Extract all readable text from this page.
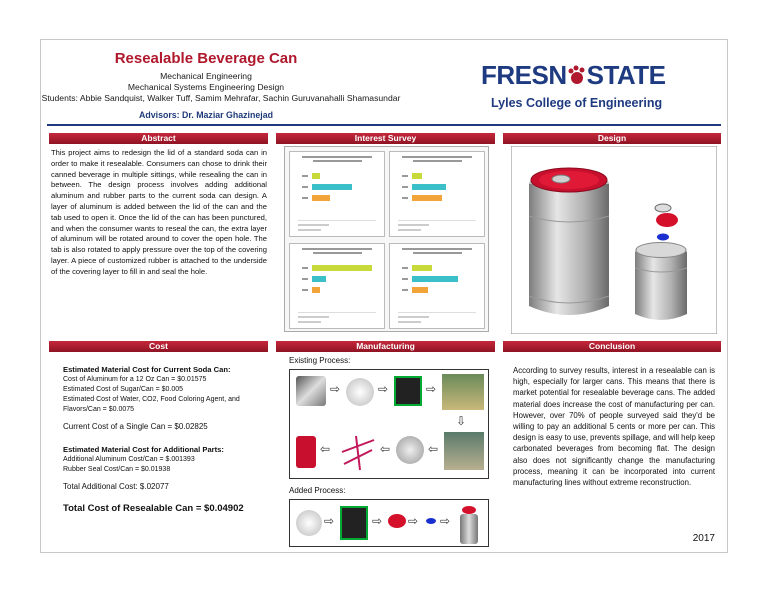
Resealable Beverage Can
Mechanical Engineering
Mechanical Systems Engineering Design
Students: Abbie Sandquist, Walker Tuff, Samim Mehrafar, Sachin Guruvanahalli Shamasundar
Advisors: Dr. Maziar Ghazinejad
FRESN STATE
Lyles College of Engineering
Abstract
This project aims to redesign the lid of a standard soda can in order to make it resealable. Consumers can chose to drink their canned beverage in multiple sittings, while resealing the can in between. The design process involves adding additional aluminum and rubber parts to the current soda can design. A layer of aluminum is added between the lid of the can and the tab used to open it. Once the lid of the can has been punctured, and when the consumer wants to reseal the can, the extra layer of aluminum will be rotated around to cover the open hole. The tab is also rotated to apply pressure over the top of the covering layer. A piece of customized rubber is attached to the underside of the covering layer to fill in and seal the hole.
Interest Survey	Design
Cost
Estimated Material Cost for Current Soda Can:
Cost of Aluminum for a 12 Oz Can = $0.01575
Estimated Cost of Sugar/Can = $0.005
Estimated Cost of Water, CO2, Food Coloring Agent, and
Flavors/Can = $0.0075
Current Cost of a Single Can = $0.02825
Estimated Material Cost for Additional Parts:
Additional Aluminum Cost/Can = $.001393
Rubber Seal Cost/Can = $0.01938
Total Additional Cost: $.02077
Total Cost of Resealable Can = $0.04902
Manufacturing
Existing Process:
⇨	⇨	⇨
⇩
⇦	⇦	⇦
Added Process:
⇨	⇨ ⇨ ⇨
Conclusion
According to survey results, interest in a resealable can is high, especially for larger cans. This means that there is market potential for resealable beverage cans. The added material does increase the cost of manufacturing per can. However, over 70% of people surveyed said they'd be willing to pay an additional 5 cents or more per can. This design is easy to use, prevents spillage, and will help keep carbonated beverages from becoming flat. The design also does not significantly change the manufacturing process, meaning it can be incorporated into current manufacturing lines without extreme reconstruction.
2017
